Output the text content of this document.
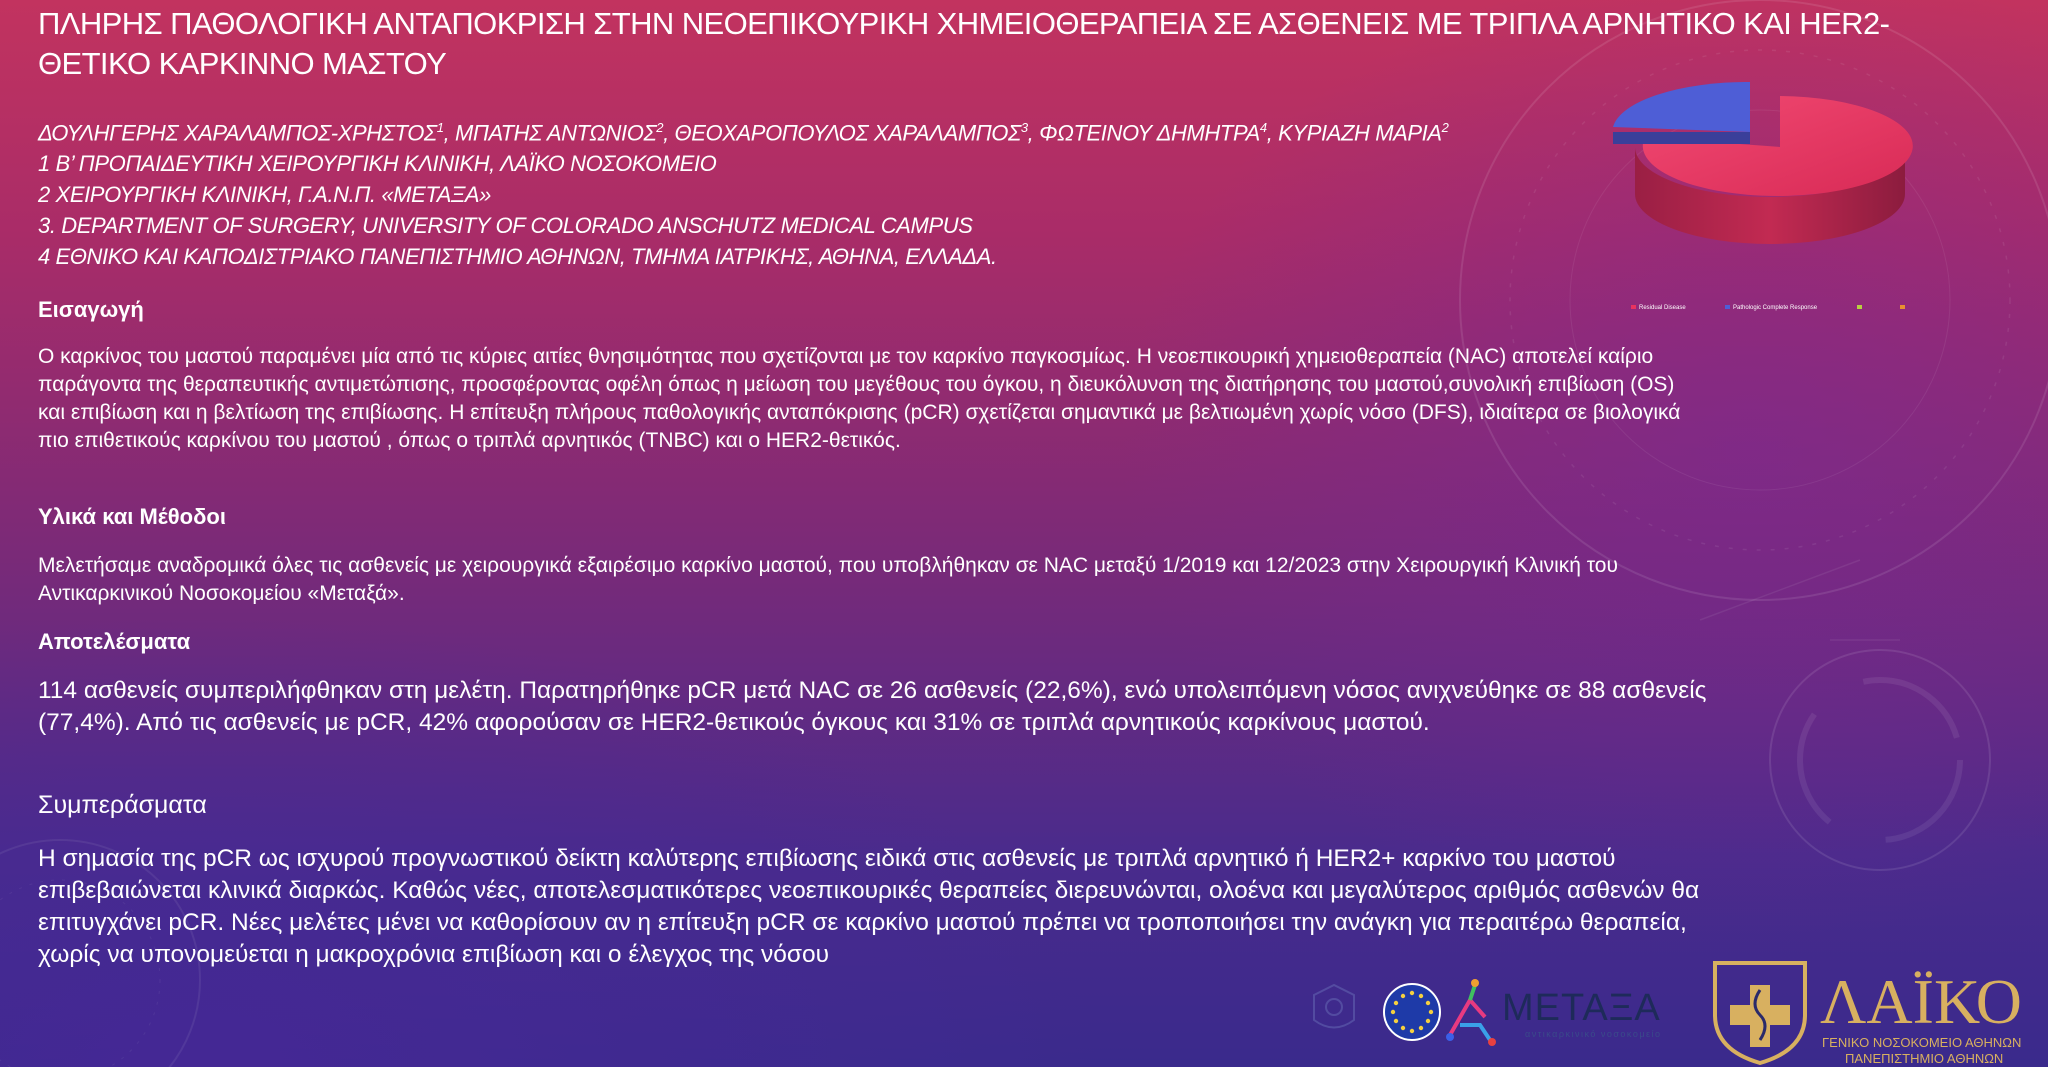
ΠΛΗΡΗΣ ΠΑΘΟΛΟΓΙΚΗ ΑΝΤΑΠΟΚΡΙΣΗ ΣΤΗΝ ΝΕΟΕΠΙΚΟΥΡΙΚΗ ΧΗΜΕΙΟΘΕΡΑΠΕΙΑ ΣΕ ΑΣΘΕΝΕΙΣ ΜΕ ΤΡΙΠΛΑ ΑΡΝΗΤΙΚΟ ΚΑΙ HER2-ΘΕΤΙΚΟ ΚΑΡΚΙΝΝΟ ΜΑΣΤΟΥ
ΔΟΥΛΗΓΕΡΗΣ ΧΑΡΑΛΑΜΠΟΣ-ΧΡΗΣΤΟΣ$^1$, ΜΠΑΤΗΣ ΑΝΤΩΝΙΟΣ$^2$, ΘΕΟΧΑΡΟΠΟΥΛΟΣ ΧΑΡΑΛΑΜΠΟΣ$^3$, ΦΩΤΕΙΝΟΥ ΔΗΜΗΤΡΑ$^4$, ΚΥΡΙΑΖΗ ΜΑΡΙΑ$^2$
1 Β’ ΠΡΟΠΑΙΔΕΥΤΙΚΗ ΧΕΙΡΟΥΡΓΙΚΗ ΚΛΙΝΙΚΗ, ΛΑΪΚΟ ΝΟΣΟΚΟΜΕΙΟ
2 ΧΕΙΡΟΥΡΓΙΚΗ ΚΛΙΝΙΚΗ, Γ.Α.Ν.Π. «ΜΕΤΑΞΑ»
3. DEPARTMENT OF SURGERY, UNIVERSITY OF COLORADO ANSCHUTZ MEDICAL CAMPUS
4 ΕΘΝΙΚΟ ΚΑΙ ΚΑΠΟΔΙΣΤΡΙΑΚΟ ΠΑΝΕΠΙΣΤΗΜΙΟ ΑΘΗΝΩΝ, ΤΜΗΜΑ ΙΑΤΡΙΚΗΣ, ΑΘΗΝΑ, ΕΛΛΑΔΑ.
Εισαγωγή
Ο καρκίνος του μαστού παραμένει μία από τις κύριες αιτίες θνησιμότητας που σχετίζονται με τον καρκίνο παγκοσμίως. Η νεοεπικουρική χημειοθεραπεία (NAC) αποτελεί καίριο παράγοντα της θεραπευτικής αντιμετώπισης, προσφέροντας οφέλη όπως η μείωση του μεγέθους του όγκου, η διευκόλυνση της διατήρησης του μαστού,συνολική επιβίωση (OS) και επιβίωση και η βελτίωση της επιβίωσης. Η επίτευξη πλήρους παθολογικής ανταπόκρισης (pCR) σχετίζεται σημαντικά με βελτιωμένη χωρίς νόσο (DFS), ιδιαίτερα σε βιολογικά πιο επιθετικούς καρκίνου του μαστού , όπως ο τριπλά αρνητικός (TNBC) και ο HER2-θετικός.
Υλικά και Μέθοδοι
Μελετήσαμε αναδρομικά όλες τις ασθενείς με χειρουργικά εξαιρέσιμο καρκίνο μαστού, που υποβλήθηκαν σε NAC μεταξύ 1/2019 και 12/2023 στην Χειρουργική Κλινική του Αντικαρκινικού Νοσοκομείου «Μεταξά».
Αποτελέσματα
114 ασθενείς συμπεριλήφθηκαν στη μελέτη. Παρατηρήθηκε pCR μετά NAC σε 26 ασθενείς (22,6%), ενώ υπολειπόμενη νόσος ανιχνεύθηκε σε 88 ασθενείς (77,4%). Από τις ασθενείς με pCR, 42% αφορούσαν σε HER2-θετικούς όγκους και 31% σε τριπλά αρνητικούς καρκίνους μαστού.
Συμπεράσματα
Η σημασία της pCR ως ισχυρού προγνωστικού δείκτη καλύτερης επιβίωσης ειδικά στις ασθενείς με τριπλά αρνητικό ή HER2+ καρκίνο του μαστού επιβεβαιώνεται κλινικά διαρκώς. Καθώς νέες, αποτελεσματικότερες νεοεπικουρικές θεραπείες διερευνώνται, ολοένα και μεγαλύτερος αριθμός ασθενών θα επιτυγχάνει pCR. Νέες μελέτες μένει να καθορίσουν αν η επίτευξη pCR σε καρκίνο μαστού πρέπει να τροποποιήσει την ανάγκη για περαιτέρω θεραπεία, χωρίς να υπονομεύεται η μακροχρόνια επιβίωση και ο έλεγχος της νόσου
Residual Disease	Pathologic Complete Response
ΜΕΤΑΞΑ
αντικαρκινικό νοσοκομείο ΛΑΪΚΟ
ΓΕΝΙΚΟ ΝΟΣΟΚΟΜΕΙΟ ΑΘΗΝΩΝ
ΠΑΝΕΠΙΣΤΗΜΙΟ ΑΘΗΝΩΝ
